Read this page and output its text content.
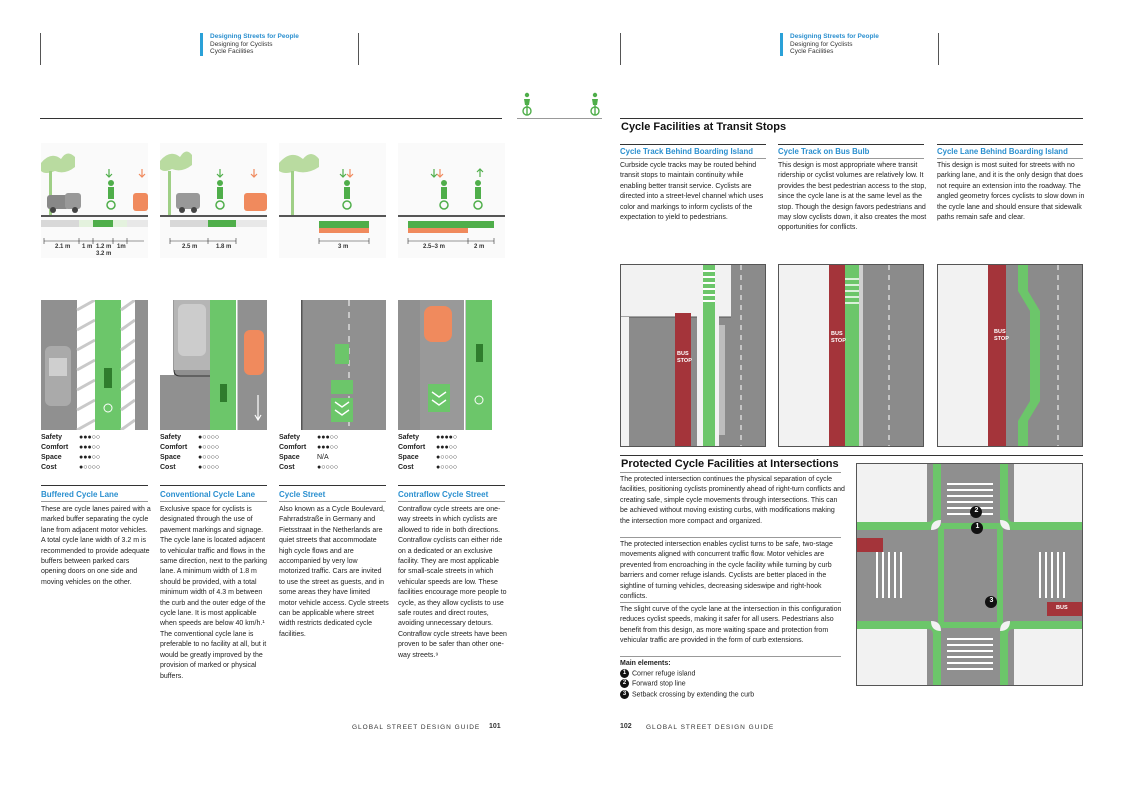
Designing Streets for People
Designing for Cyclists
Cycle Facilities
2.1 m 1 m 1.2 m 1m
3.2 m
Safety ●●●○○
Comfort ●●●○○
Space ●●●○○
Cost	●○○○○
Buffered Cycle Lane
These are cycle lanes paired with a marked buffer separating the cycle lane from adjacent motor vehicles. A total cycle lane width of 3.2 m is recommended to provide adequate buffers between parked cars opening doors on one side and moving vehicles on the other.
2.5 m	1.8 m
Safety ●○○○○
Comfort ●○○○○
Space ●○○○○
Cost	●○○○○
Conventional Cycle Lane
Exclusive space for cyclists is designated through the use of pavement markings and signage. The cycle lane is located adjacent to vehicular traffic and flows in the same direction, next to the parking lane. A minimum width of 1.8 m should be provided, with a total minimum width of 4.3 m between the curb and the outer edge of the cycle lane. It is most applicable when speeds are below 40 km/h.¹ The conventional cycle lane is preferable to no facility at all, but it would be greatly improved by the provision of marked or physical buffers.
3 m
Safety ●●●○○
Comfort ●●●○○
Space N/A
Cost	●○○○○
Cycle Street
Also known as a Cycle Boulevard, Fahrradstraße in Germany and Fietsstraat in the Netherlands are quiet streets that accommodate high cycle flows and are accompanied by very low motorized traffic. Cars are invited to use the street as guests, and in some areas they have limited motor vehicle access. Cycle streets can be applicable where street width restricts dedicated cycle facilities.
2.5–3 m	2 m
Safety ●●●●○
Comfort ●●●○○
Space ●○○○○
Cost	●○○○○
Contraflow Cycle Street
Contraflow cycle streets are one-way streets in which cyclists are allowed to ride in both directions. Contraflow cyclists can either ride on a dedicated or an exclusive facility. They are most applicable for small-scale streets in which vehicular speeds are low. These facilities encourage more people to cycle, as they allow cyclists to use safe routes and direct routes, avoiding unnecessary detours. Contraflow cycle streets have been proven to be safer than other one-way streets.⁹
GLOBAL STREET DESIGN GUIDE 101
Designing Streets for People
Designing for Cyclists
Cycle Facilities
Cycle Facilities at Transit Stops
Cycle Track Behind Boarding Island
Curbside cycle tracks may be routed behind transit stops to maintain continuity while enabling better transit service. Cyclists are directed into a street-level channel which uses color and markings to inform cyclists of the expectation to yield to pedestrians.
Cycle Track on Bus Bulb
This design is most appropriate where transit ridership or cyclist volumes are relatively low. It provides the best pedestrian access to the stop, since the cycle lane is at the same level as the stop. Though the design favors pedestrians and may slow cyclists down, it also creates the most opportunities for conflicts.
Cycle Lane Behind Boarding Island
This design is most suited for streets with no parking lane, and it is the only design that does not require an extension into the roadway. The angled geometry forces cyclists to slow down in the cycle lane and should ensure that sidewalk paths remain safe and clear.
BUS
STOP
BUS
STOP
BUS
STOP
Protected Cycle Facilities at Intersections
The protected intersection continues the physical separation of cycle facilities, positioning cyclists prominently ahead of right-turn conflicts and creating safe, simple cycle movements through intersections. This can be achieved without moving existing curbs, with modifications making the intersection more compact and organized.
The protected intersection enables cyclist turns to be safe, two-stage movements aligned with concurrent traffic flow. Motor vehicles are prevented from encroaching in the cycle facility while turning by curb barriers and corner refuge islands. Cyclists are better placed in the sightline of turning vehicles, decreasing sideswipe and right-hook conflicts.
The slight curve of the cycle lane at the intersection in this configuration reduces cyclist speeds, making it safer for all users. Pedestrians also benefit from this design, as more waiting space and protection from vehicular traffic are provided in the form of curb extensions.
Main elements:
1 Corner refuge island
2 Forward stop line
3 Setback crossing by extending the curb
2
1
3
BUS
102 GLOBAL STREET DESIGN GUIDE
